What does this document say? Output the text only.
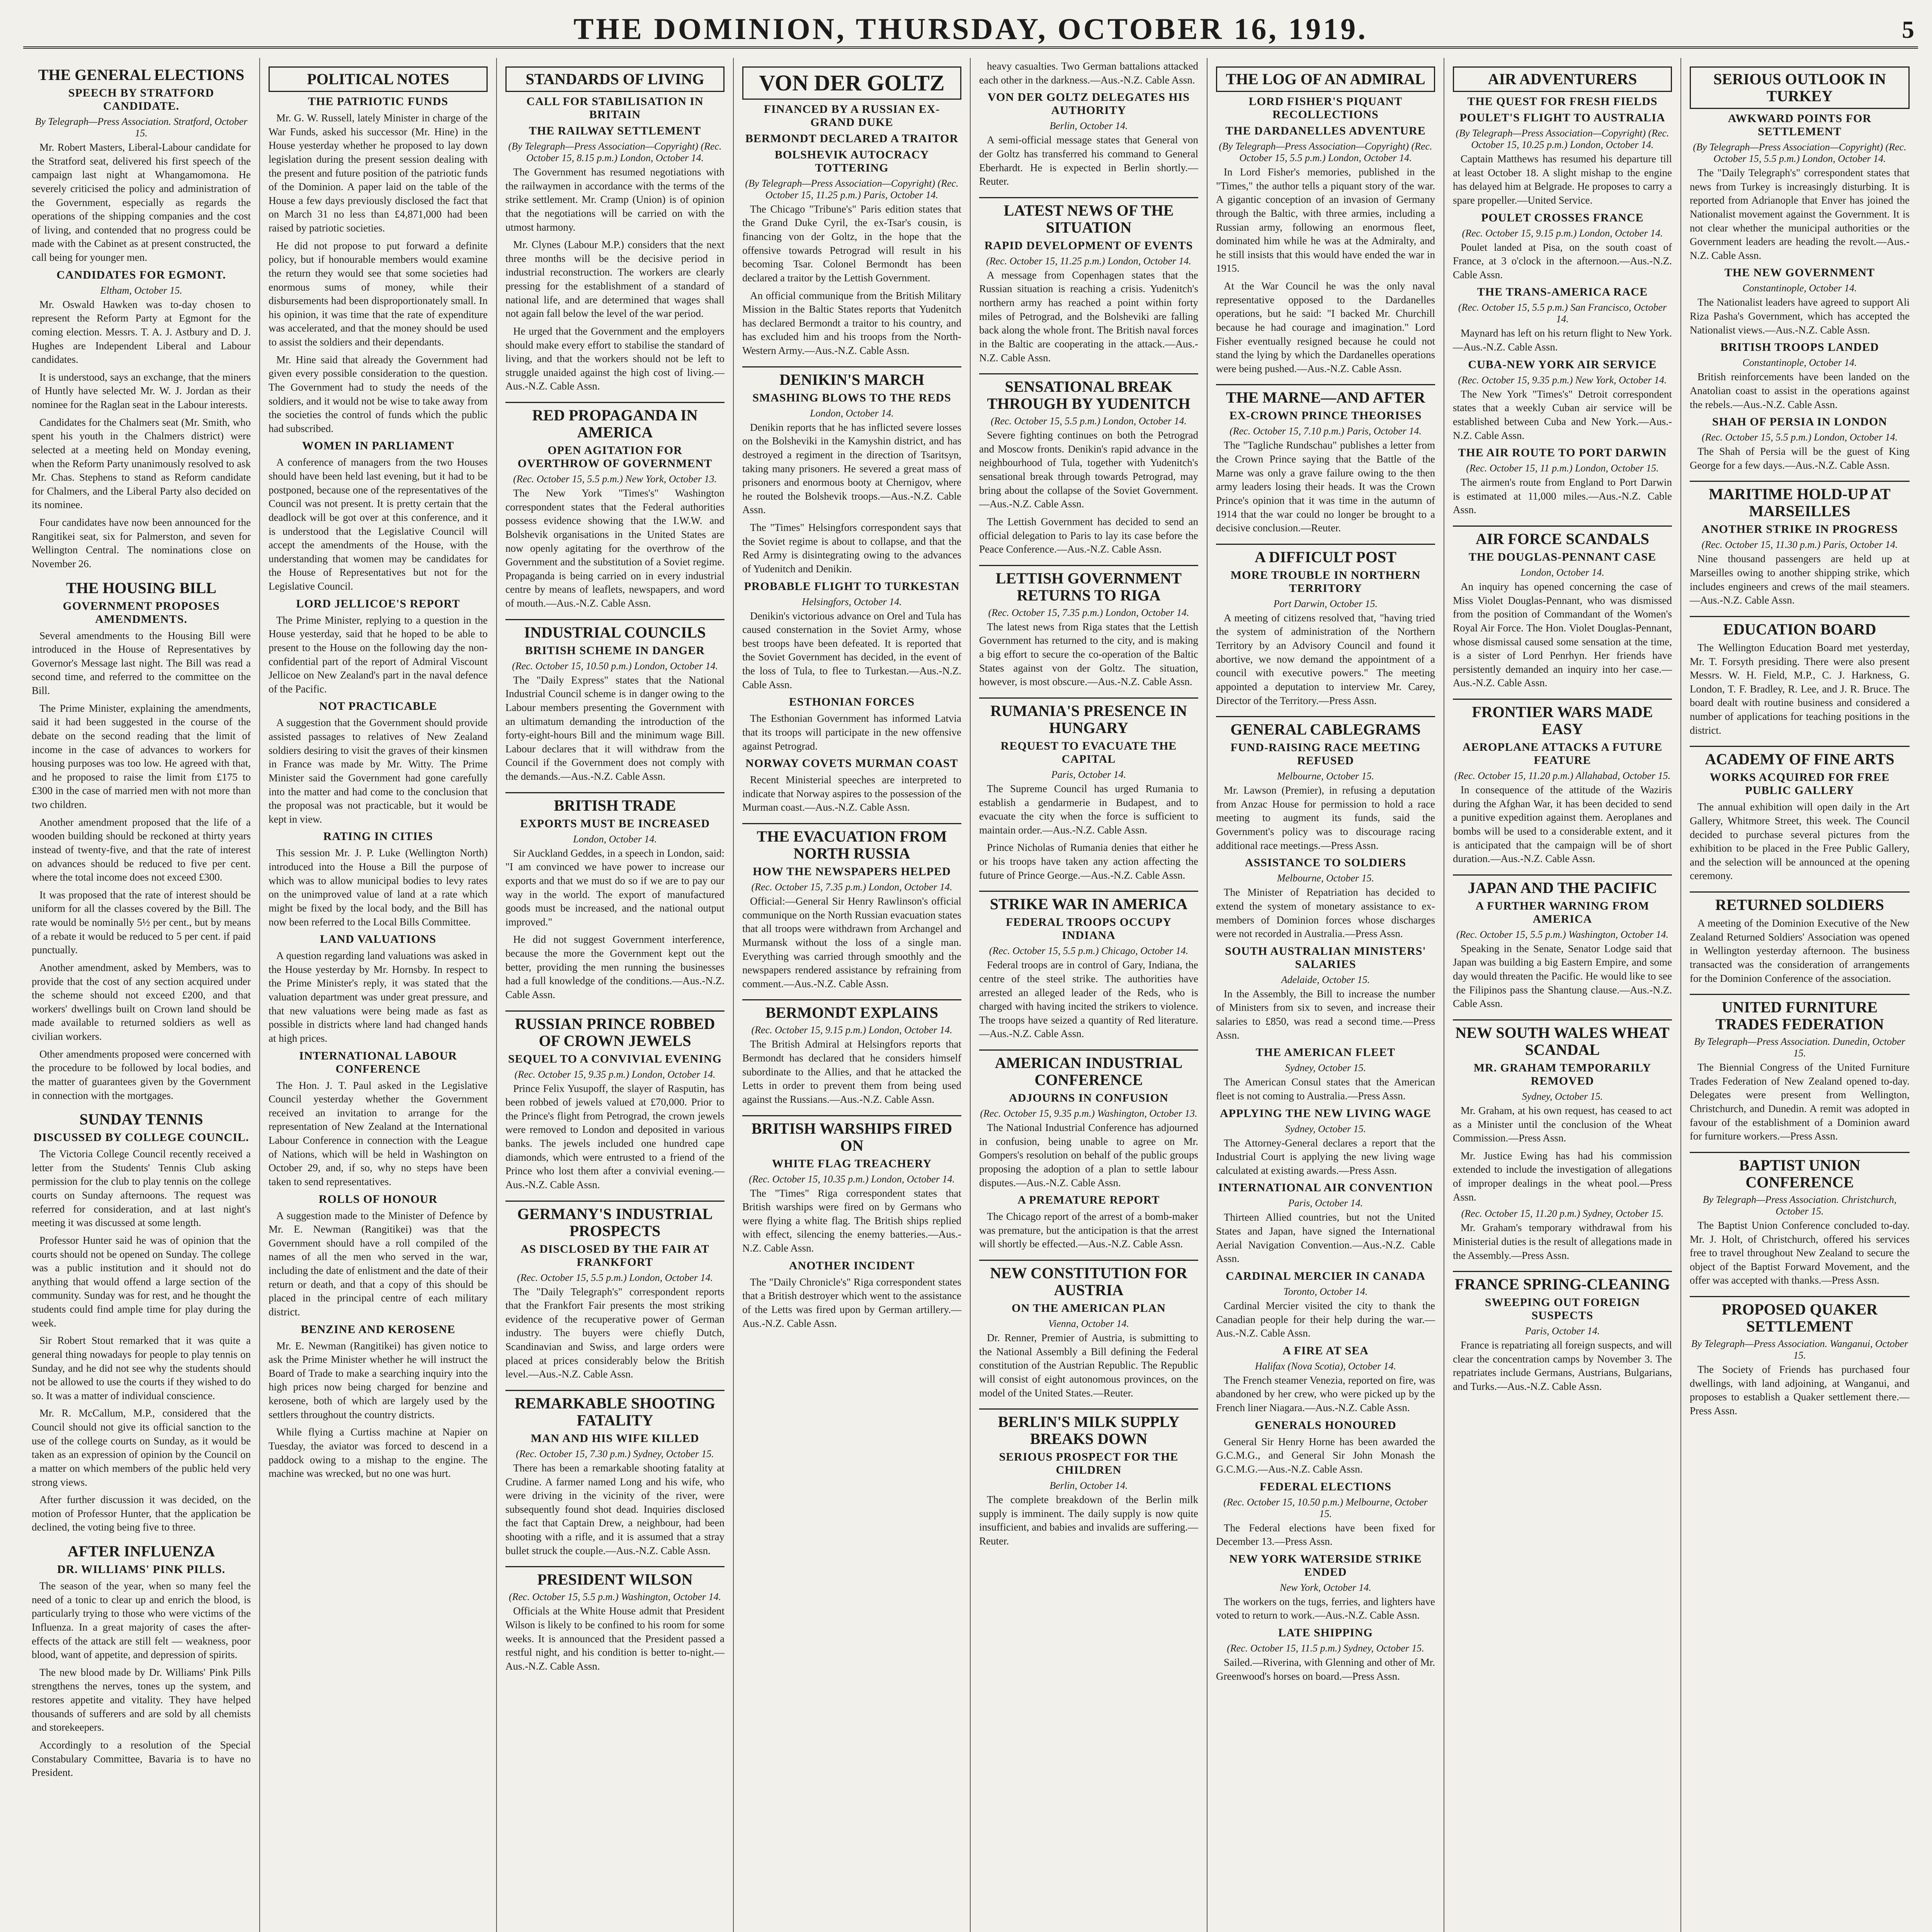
THE DOMINION, THURSDAY, OCTOBER 16, 1919.	5
THE GENERAL ELECTIONS
SPEECH BY STRATFORD CANDIDATE.
By Telegraph—Press Association. Stratford, October 15.

Mr. Robert Masters, Liberal-Labour candidate for the Stratford seat, delivered his first speech of the campaign last night at Whangamomona. He severely criticised the policy and administration of the Government, especially as regards the operations of the shipping companies and the cost of living, and contended that no progress could be made with the Cabinet as at present constructed, the call being for younger men.

CANDIDATES FOR EGMONT.
Eltham, October 15.

Mr. Oswald Hawken was to-day chosen to represent the Reform Party at Egmont for the coming election. Messrs. T. A. J. Astbury and D. J. Hughes are Independent Liberal and Labour candidates.

It is understood, says an exchange, that the miners of Huntly have selected Mr. W. J. Jordan as their nominee for the Raglan seat in the Labour interests.

Candidates for the Chalmers seat (Mr. Smith, who spent his youth in the Chalmers district) were selected at a meeting held on Monday evening, when the Reform Party unanimously resolved to ask Mr. Chas. Stephens to stand as Reform candidate for Chalmers, and the Liberal Party also decided on its nominee.

Four candidates have now been announced for the Rangitikei seat, six for Palmerston, and seven for Wellington Central. The nominations close on November 26.

THE HOUSING BILL
GOVERNMENT PROPOSES AMENDMENTS.

Several amendments to the Housing Bill were introduced in the House of Representatives by Governor's Message last night. The Bill was read a second time, and referred to the committee on the Bill.

The Prime Minister, explaining the amendments, said it had been suggested in the course of the debate on the second reading that the limit of income in the case of advances to workers for housing purposes was too low. He agreed with that, and he proposed to raise the limit from £175 to £300 in the case of married men with not more than two children.

Another amendment proposed that the life of a wooden building should be reckoned at thirty years instead of twenty-five, and that the rate of interest on advances should be reduced to five per cent. where the total income does not exceed £300.

It was proposed that the rate of interest should be uniform for all the classes covered by the Bill. The rate would be nominally 5½ per cent., but by means of a rebate it would be reduced to 5 per cent. if paid punctually.

Another amendment, asked by Members, was to provide that the cost of any section acquired under the scheme should not exceed £200, and that workers' dwellings built on Crown land should be made available to returned soldiers as well as civilian workers.

Other amendments proposed were concerned with the procedure to be followed by local bodies, and the matter of guarantees given by the Government in connection with the mortgages.

SUNDAY TENNIS
DISCUSSED BY COLLEGE COUNCIL.

The Victoria College Council recently received a letter from the Students' Tennis Club asking permission for the club to play tennis on the college courts on Sunday afternoons. The request was referred for consideration, and at last night's meeting it was discussed at some length.

Professor Hunter said he was of opinion that the courts should not be opened on Sunday. The college was a public institution and it should not do anything that would offend a large section of the community. Sunday was for rest, and he thought the students could find ample time for play during the week.

Sir Robert Stout remarked that it was quite a general thing nowadays for people to play tennis on Sunday, and he did not see why the students should not be allowed to use the courts if they wished to do so. It was a matter of individual conscience.

Mr. R. McCallum, M.P., considered that the Council should not give its official sanction to the use of the college courts on Sunday, as it would be taken as an expression of opinion by the Council on a matter on which members of the public held very strong views.

After further discussion it was decided, on the motion of Professor Hunter, that the application be declined, the voting being five to three.

AFTER INFLUENZA
DR. WILLIAMS' PINK PILLS.

The season of the year, when so many feel the need of a tonic to clear up and enrich the blood, is particularly trying to those who were victims of the Influenza. In a great majority of cases the after-effects of the attack are still felt — weakness, poor blood, want of appetite, and depression of spirits.

The new blood made by Dr. Williams' Pink Pills strengthens the nerves, tones up the system, and restores appetite and vitality. They have helped thousands of sufferers and are sold by all chemists and storekeepers.

Accordingly to a resolution of the Special Constabulary Committee, Bavaria is to have no President.

POLITICAL NOTES
THE PATRIOTIC FUNDS

Mr. G. W. Russell, lately Minister in charge of the War Funds, asked his successor (Mr. Hine) in the House yesterday whether he proposed to lay down legislation during the present session dealing with the present and future position of the patriotic funds of the Dominion. A paper laid on the table of the House a few days previously disclosed the fact that on March 31 no less than £4,871,000 had been raised by patriotic societies.

He did not propose to put forward a definite policy, but if honourable members would examine the return they would see that some societies had enormous sums of money, while their disbursements had been disproportionately small. In his opinion, it was time that the rate of expenditure was accelerated, and that the money should be used to assist the soldiers and their dependants.

Mr. Hine said that already the Government had given every possible consideration to the question. The Government had to study the needs of the soldiers, and it would not be wise to take away from the societies the control of funds which the public had subscribed.

WOMEN IN PARLIAMENT

A conference of managers from the two Houses should have been held last evening, but it had to be postponed, because one of the representatives of the Council was not present. It is pretty certain that the deadlock will be got over at this conference, and it is understood that the Legislative Council will accept the amendments of the House, with the understanding that women may be candidates for the House of Representatives but not for the Legislative Council.

LORD JELLICOE'S REPORT

The Prime Minister, replying to a question in the House yesterday, said that he hoped to be able to present to the House on the following day the non-confidential part of the report of Admiral Viscount Jellicoe on New Zealand's part in the naval defence of the Pacific.

NOT PRACTICABLE

A suggestion that the Government should provide assisted passages to relatives of New Zealand soldiers desiring to visit the graves of their kinsmen in France was made by Mr. Witty. The Prime Minister said the Government had gone carefully into the matter and had come to the conclusion that the proposal was not practicable, but it would be kept in view.

RATING IN CITIES

This session Mr. J. P. Luke (Wellington North) introduced into the House a Bill the purpose of which was to allow municipal bodies to levy rates on the unimproved value of land at a rate which might be fixed by the local body, and the Bill has now been referred to the Local Bills Committee.

LAND VALUATIONS

A question regarding land valuations was asked in the House yesterday by Mr. Hornsby. In respect to the Prime Minister's reply, it was stated that the valuation department was under great pressure, and that new valuations were being made as fast as possible in districts where land had changed hands at high prices.

INTERNATIONAL LABOUR CONFERENCE

The Hon. J. T. Paul asked in the Legislative Council yesterday whether the Government received an invitation to arrange for the representation of New Zealand at the International Labour Conference in connection with the League of Nations, which will be held in Washington on October 29, and, if so, why no steps have been taken to send representatives.

ROLLS OF HONOUR

A suggestion made to the Minister of Defence by Mr. E. Newman (Rangitikei) was that the Government should have a roll compiled of the names of all the men who served in the war, including the date of enlistment and the date of their return or death, and that a copy of this should be placed in the principal centre of each military district.

BENZINE AND KEROSENE

Mr. E. Newman (Rangitikei) has given notice to ask the Prime Minister whether he will instruct the Board of Trade to make a searching inquiry into the high prices now being charged for benzine and kerosene, both of which are largely used by the settlers throughout the country districts.

While flying a Curtiss machine at Napier on Tuesday, the aviator was forced to descend in a paddock owing to a mishap to the engine. The machine was wrecked, but no one was hurt.

STANDARDS OF LIVING
CALL FOR STABILISATION IN BRITAIN
THE RAILWAY SETTLEMENT
(By Telegraph—Press Association—Copyright) (Rec. October 15, 8.15 p.m.) London, October 14.

The Government has resumed negotiations with the railwaymen in accordance with the terms of the strike settlement. Mr. Cramp (Union) is of opinion that the negotiations will be carried on with the utmost harmony.

Mr. Clynes (Labour M.P.) considers that the next three months will be the decisive period in industrial reconstruction. The workers are clearly pressing for the establishment of a standard of national life, and are determined that wages shall not again fall below the level of the war period.

He urged that the Government and the employers should make every effort to stabilise the standard of living, and that the workers should not be left to struggle unaided against the high cost of living.—Aus.-N.Z. Cable Assn.

RED PROPAGANDA IN AMERICA
OPEN AGITATION FOR OVERTHROW OF GOVERNMENT
(Rec. October 15, 5.5 p.m.) New York, October 13.

The New York "Times's" Washington correspondent states that the Federal authorities possess evidence showing that the I.W.W. and Bolshevik organisations in the United States are now openly agitating for the overthrow of the Government and the substitution of a Soviet regime. Propaganda is being carried on in every industrial centre by means of leaflets, newspapers, and word of mouth.—Aus.-N.Z. Cable Assn.

INDUSTRIAL COUNCILS
BRITISH SCHEME IN DANGER
(Rec. October 15, 10.50 p.m.) London, October 14.

The "Daily Express" states that the National Industrial Council scheme is in danger owing to the Labour members presenting the Government with an ultimatum demanding the introduction of the forty-eight-hours Bill and the minimum wage Bill. Labour declares that it will withdraw from the Council if the Government does not comply with the demands.—Aus.-N.Z. Cable Assn.

BRITISH TRADE
EXPORTS MUST BE INCREASED
London, October 14.

Sir Auckland Geddes, in a speech in London, said: "I am convinced we have power to increase our exports and that we must do so if we are to pay our way in the world. The export of manufactured goods must be increased, and the national output improved."

He did not suggest Government interference, because the more the Government kept out the better, providing the men running the businesses had a full knowledge of the conditions.—Aus.-N.Z. Cable Assn.

RUSSIAN PRINCE ROBBED OF CROWN JEWELS
SEQUEL TO A CONVIVIAL EVENING
(Rec. October 15, 9.35 p.m.) London, October 14.

Prince Felix Yusupoff, the slayer of Rasputin, has been robbed of jewels valued at £70,000. Prior to the Prince's flight from Petrograd, the crown jewels were removed to London and deposited in various banks. The jewels included one hundred cape diamonds, which were entrusted to a friend of the Prince who lost them after a convivial evening.—Aus.-N.Z. Cable Assn.

GERMANY'S INDUSTRIAL PROSPECTS
AS DISCLOSED BY THE FAIR AT FRANKFORT
(Rec. October 15, 5.5 p.m.) London, October 14.

The "Daily Telegraph's" correspondent reports that the Frankfort Fair presents the most striking evidence of the recuperative power of German industry. The buyers were chiefly Dutch, Scandinavian and Swiss, and large orders were placed at prices considerably below the British level.—Aus.-N.Z. Cable Assn.

REMARKABLE SHOOTING FATALITY
MAN AND HIS WIFE KILLED
(Rec. October 15, 7.30 p.m.) Sydney, October 15.

There has been a remarkable shooting fatality at Crudine. A farmer named Long and his wife, who were driving in the vicinity of the river, were subsequently found shot dead. Inquiries disclosed the fact that Captain Drew, a neighbour, had been shooting with a rifle, and it is assumed that a stray bullet struck the couple.—Aus.-N.Z. Cable Assn.

PRESIDENT WILSON
(Rec. October 15, 5.5 p.m.) Washington, October 14.

Officials at the White House admit that President Wilson is likely to be confined to his room for some weeks. It is announced that the President passed a restful night, and his condition is better to-night.—Aus.-N.Z. Cable Assn.

VON DER GOLTZ
FINANCED BY A RUSSIAN EX-GRAND DUKE
BERMONDT DECLARED A TRAITOR
BOLSHEVIK AUTOCRACY TOTTERING
(By Telegraph—Press Association—Copyright) (Rec. October 15, 11.25 p.m.) Paris, October 14.

The Chicago "Tribune's" Paris edition states that the Grand Duke Cyril, the ex-Tsar's cousin, is financing von der Goltz, in the hope that the offensive towards Petrograd will result in his becoming Tsar. Colonel Bermondt has been declared a traitor by the Lettish Government.

An official communique from the British Military Mission in the Baltic States reports that Yudenitch has declared Bermondt a traitor to his country, and has excluded him and his troops from the North-Western Army.—Aus.-N.Z. Cable Assn.

DENIKIN'S MARCH
SMASHING BLOWS TO THE REDS
London, October 14.

Denikin reports that he has inflicted severe losses on the Bolsheviki in the Kamyshin district, and has destroyed a regiment in the direction of Tsaritsyn, taking many prisoners. He severed a great mass of prisoners and enormous booty at Chernigov, where he routed the Bolshevik troops.—Aus.-N.Z. Cable Assn.

The "Times" Helsingfors correspondent says that the Soviet regime is about to collapse, and that the Red Army is disintegrating owing to the advances of Yudenitch and Denikin.

PROBABLE FLIGHT TO TURKESTAN
Helsingfors, October 14.

Denikin's victorious advance on Orel and Tula has caused consternation in the Soviet Army, whose best troops have been defeated. It is reported that the Soviet Government has decided, in the event of the loss of Tula, to flee to Turkestan.—Aus.-N.Z. Cable Assn.

ESTHONIAN FORCES

The Esthonian Government has informed Latvia that its troops will participate in the new offensive against Petrograd.

NORWAY COVETS MURMAN COAST

Recent Ministerial speeches are interpreted to indicate that Norway aspires to the possession of the Murman coast.—Aus.-N.Z. Cable Assn.

THE EVACUATION FROM NORTH RUSSIA
HOW THE NEWSPAPERS HELPED
(Rec. October 15, 7.35 p.m.) London, October 14.

Official:—General Sir Henry Rawlinson's official communique on the North Russian evacuation states that all troops were withdrawn from Archangel and Murmansk without the loss of a single man. Everything was carried through smoothly and the newspapers rendered assistance by refraining from comment.—Aus.-N.Z. Cable Assn.

BERMONDT EXPLAINS
(Rec. October 15, 9.15 p.m.) London, October 14.

The British Admiral at Helsingfors reports that Bermondt has declared that he considers himself subordinate to the Allies, and that he attacked the Letts in order to prevent them from being used against the Russians.—Aus.-N.Z. Cable Assn.

BRITISH WARSHIPS FIRED ON
WHITE FLAG TREACHERY
(Rec. October 15, 10.35 p.m.) London, October 14.

The "Times" Riga correspondent states that British warships were fired on by Germans who were flying a white flag. The British ships replied with effect, silencing the enemy batteries.—Aus.-N.Z. Cable Assn.

ANOTHER INCIDENT

The "Daily Chronicle's" Riga correspondent states that a British destroyer which went to the assistance of the Letts was fired upon by German artillery.—Aus.-N.Z. Cable Assn.

heavy casualties. Two German battalions attacked each other in the darkness.—Aus.-N.Z. Cable Assn.

VON DER GOLTZ DELEGATES HIS AUTHORITY
Berlin, October 14.

A semi-official message states that General von der Goltz has transferred his command to General Eberhardt. He is expected in Berlin shortly.—Reuter.

LATEST NEWS OF THE SITUATION
RAPID DEVELOPMENT OF EVENTS
(Rec. October 15, 11.25 p.m.) London, October 14.

A message from Copenhagen states that the Russian situation is reaching a crisis. Yudenitch's northern army has reached a point within forty miles of Petrograd, and the Bolsheviki are falling back along the whole front. The British naval forces in the Baltic are cooperating in the attack.—Aus.-N.Z. Cable Assn.

SENSATIONAL BREAK THROUGH BY YUDENITCH
(Rec. October 15, 5.5 p.m.) London, October 14.

Severe fighting continues on both the Petrograd and Moscow fronts. Denikin's rapid advance in the neighbourhood of Tula, together with Yudenitch's sensational break through towards Petrograd, may bring about the collapse of the Soviet Government.—Aus.-N.Z. Cable Assn.

The Lettish Government has decided to send an official delegation to Paris to lay its case before the Peace Conference.—Aus.-N.Z. Cable Assn.

LETTISH GOVERNMENT RETURNS TO RIGA
(Rec. October 15, 7.35 p.m.) London, October 14.

The latest news from Riga states that the Lettish Government has returned to the city, and is making a big effort to secure the co-operation of the Baltic States against von der Goltz. The situation, however, is most obscure.—Aus.-N.Z. Cable Assn.

RUMANIA'S PRESENCE IN HUNGARY
REQUEST TO EVACUATE THE CAPITAL
Paris, October 14.

The Supreme Council has urged Rumania to establish a gendarmerie in Budapest, and to evacuate the city when the force is sufficient to maintain order.—Aus.-N.Z. Cable Assn.

Prince Nicholas of Rumania denies that either he or his troops have taken any action affecting the future of Prince George.—Aus.-N.Z. Cable Assn.

STRIKE WAR IN AMERICA
FEDERAL TROOPS OCCUPY INDIANA
(Rec. October 15, 5.5 p.m.) Chicago, October 14.

Federal troops are in control of Gary, Indiana, the centre of the steel strike. The authorities have arrested an alleged leader of the Reds, who is charged with having incited the strikers to violence. The troops have seized a quantity of Red literature.—Aus.-N.Z. Cable Assn.

AMERICAN INDUSTRIAL CONFERENCE
ADJOURNS IN CONFUSION
(Rec. October 15, 9.35 p.m.) Washington, October 13.

The National Industrial Conference has adjourned in confusion, being unable to agree on Mr. Gompers's resolution on behalf of the public groups proposing the adoption of a plan to settle labour disputes.—Aus.-N.Z. Cable Assn.

A PREMATURE REPORT

The Chicago report of the arrest of a bomb-maker was premature, but the anticipation is that the arrest will shortly be effected.—Aus.-N.Z. Cable Assn.

NEW CONSTITUTION FOR AUSTRIA
ON THE AMERICAN PLAN
Vienna, October 14.

Dr. Renner, Premier of Austria, is submitting to the National Assembly a Bill defining the Federal constitution of the Austrian Republic. The Republic will consist of eight autonomous provinces, on the model of the United States.—Reuter.

BERLIN'S MILK SUPPLY BREAKS DOWN
SERIOUS PROSPECT FOR THE CHILDREN
Berlin, October 14.

The complete breakdown of the Berlin milk supply is imminent. The daily supply is now quite insufficient, and babies and invalids are suffering.—Reuter.

THE LOG OF AN ADMIRAL
LORD FISHER'S PIQUANT RECOLLECTIONS
THE DARDANELLES ADVENTURE
(By Telegraph—Press Association—Copyright) (Rec. October 15, 5.5 p.m.) London, October 14.

In Lord Fisher's memories, published in the "Times," the author tells a piquant story of the war. A gigantic conception of an invasion of Germany through the Baltic, with three armies, including a Russian army, following an enormous fleet, dominated him while he was at the Admiralty, and he still insists that this would have ended the war in 1915.

At the War Council he was the only naval representative opposed to the Dardanelles operations, but he said: "I backed Mr. Churchill because he had courage and imagination." Lord Fisher eventually resigned because he could not stand the lying by which the Dardanelles operations were being pushed.—Aus.-N.Z. Cable Assn.

THE MARNE—AND AFTER
EX-CROWN PRINCE THEORISES
(Rec. October 15, 7.10 p.m.) Paris, October 14.

The "Tagliche Rundschau" publishes a letter from the Crown Prince saying that the Battle of the Marne was only a grave failure owing to the then army leaders losing their heads. It was the Crown Prince's opinion that it was time in the autumn of 1914 that the war could no longer be brought to a decisive conclusion.—Reuter.

A DIFFICULT POST
MORE TROUBLE IN NORTHERN TERRITORY
Port Darwin, October 15.

A meeting of citizens resolved that, "having tried the system of administration of the Northern Territory by an Advisory Council and found it abortive, we now demand the appointment of a council with executive powers." The meeting appointed a deputation to interview Mr. Carey, Director of the Territory.—Press Assn.

GENERAL CABLEGRAMS
FUND-RAISING RACE MEETING REFUSED
Melbourne, October 15.

Mr. Lawson (Premier), in refusing a deputation from Anzac House for permission to hold a race meeting to augment its funds, said the Government's policy was to discourage racing additional race meetings.—Press Assn.

ASSISTANCE TO SOLDIERS
Melbourne, October 15.

The Minister of Repatriation has decided to extend the system of monetary assistance to ex-members of Dominion forces whose discharges were not recorded in Australia.—Press Assn.

SOUTH AUSTRALIAN MINISTERS' SALARIES
Adelaide, October 15.

In the Assembly, the Bill to increase the number of Ministers from six to seven, and increase their salaries to £850, was read a second time.—Press Assn.

THE AMERICAN FLEET
Sydney, October 15.

The American Consul states that the American fleet is not coming to Australia.—Press Assn.

APPLYING THE NEW LIVING WAGE
Sydney, October 15.

The Attorney-General declares a report that the Industrial Court is applying the new living wage calculated at existing awards.—Press Assn.

INTERNATIONAL AIR CONVENTION
Paris, October 14.

Thirteen Allied countries, but not the United States and Japan, have signed the International Aerial Navigation Convention.—Aus.-N.Z. Cable Assn.

CARDINAL MERCIER IN CANADA
Toronto, October 14.

Cardinal Mercier visited the city to thank the Canadian people for their help during the war.—Aus.-N.Z. Cable Assn.

A FIRE AT SEA
Halifax (Nova Scotia), October 14.

The French steamer Venezia, reported on fire, was abandoned by her crew, who were picked up by the French liner Niagara.—Aus.-N.Z. Cable Assn.

GENERALS HONOURED

General Sir Henry Horne has been awarded the G.C.M.G., and General Sir John Monash the G.C.M.G.—Aus.-N.Z. Cable Assn.

FEDERAL ELECTIONS
(Rec. October 15, 10.50 p.m.) Melbourne, October 15.

The Federal elections have been fixed for December 13.—Press Assn.

NEW YORK WATERSIDE STRIKE ENDED
New York, October 14.

The workers on the tugs, ferries, and lighters have voted to return to work.—Aus.-N.Z. Cable Assn.

LATE SHIPPING
(Rec. October 15, 11.5 p.m.) Sydney, October 15.

Sailed.—Riverina, with Glenning and other of Mr. Greenwood's horses on board.—Press Assn.

AIR ADVENTURERS
THE QUEST FOR FRESH FIELDS
POULET'S FLIGHT TO AUSTRALIA
(By Telegraph—Press Association—Copyright) (Rec. October 15, 10.25 p.m.) London, October 14.

Captain Matthews has resumed his departure till at least October 18. A slight mishap to the engine has delayed him at Belgrade. He proposes to carry a spare propeller.—United Service.

POULET CROSSES FRANCE
(Rec. October 15, 9.15 p.m.) London, October 14.

Poulet landed at Pisa, on the south coast of France, at 3 o'clock in the afternoon.—Aus.-N.Z. Cable Assn.

THE TRANS-AMERICA RACE
(Rec. October 15, 5.5 p.m.) San Francisco, October 14.

Maynard has left on his return flight to New York.—Aus.-N.Z. Cable Assn.

CUBA-NEW YORK AIR SERVICE
(Rec. October 15, 9.35 p.m.) New York, October 14.

The New York "Times's" Detroit correspondent states that a weekly Cuban air service will be established between Cuba and New York.—Aus.-N.Z. Cable Assn.

THE AIR ROUTE TO PORT DARWIN
(Rec. October 15, 11 p.m.) London, October 15.

The airmen's route from England to Port Darwin is estimated at 11,000 miles.—Aus.-N.Z. Cable Assn.

AIR FORCE SCANDALS
THE DOUGLAS-PENNANT CASE
London, October 14.

An inquiry has opened concerning the case of Miss Violet Douglas-Pennant, who was dismissed from the position of Commandant of the Women's Royal Air Force. The Hon. Violet Douglas-Pennant, whose dismissal caused some sensation at the time, is a sister of Lord Penrhyn. Her friends have persistently demanded an inquiry into her case.—Aus.-N.Z. Cable Assn.

FRONTIER WARS MADE EASY
AEROPLANE ATTACKS A FUTURE FEATURE
(Rec. October 15, 11.20 p.m.) Allahabad, October 15.

In consequence of the attitude of the Waziris during the Afghan War, it has been decided to send a punitive expedition against them. Aeroplanes and bombs will be used to a considerable extent, and it is anticipated that the campaign will be of short duration.—Aus.-N.Z. Cable Assn.

JAPAN AND THE PACIFIC
A FURTHER WARNING FROM AMERICA
(Rec. October 15, 5.5 p.m.) Washington, October 14.

Speaking in the Senate, Senator Lodge said that Japan was building a big Eastern Empire, and some day would threaten the Pacific. He would like to see the Filipinos pass the Shantung clause.—Aus.-N.Z. Cable Assn.

NEW SOUTH WALES WHEAT SCANDAL
MR. GRAHAM TEMPORARILY REMOVED
Sydney, October 15.

Mr. Graham, at his own request, has ceased to act as a Minister until the conclusion of the Wheat Commission.—Press Assn.

Mr. Justice Ewing has had his commission extended to include the investigation of allegations of improper dealings in the wheat pool.—Press Assn.

(Rec. October 15, 11.20 p.m.) Sydney, October 15.

Mr. Graham's temporary withdrawal from his Ministerial duties is the result of allegations made in the Assembly.—Press Assn.

FRANCE SPRING-CLEANING
SWEEPING OUT FOREIGN SUSPECTS
Paris, October 14.

France is repatriating all foreign suspects, and will clear the concentration camps by November 3. The repatriates include Germans, Austrians, Bulgarians, and Turks.—Aus.-N.Z. Cable Assn.

SERIOUS OUTLOOK IN TURKEY
AWKWARD POINTS FOR SETTLEMENT
(By Telegraph—Press Association—Copyright) (Rec. October 15, 5.5 p.m.) London, October 14.

The "Daily Telegraph's" correspondent states that news from Turkey is increasingly disturbing. It is reported from Adrianople that Enver has joined the Nationalist movement against the Government. It is not clear whether the municipal authorities or the Government leaders are heading the revolt.—Aus.-N.Z. Cable Assn.

THE NEW GOVERNMENT
Constantinople, October 14.

The Nationalist leaders have agreed to support Ali Riza Pasha's Government, which has accepted the Nationalist views.—Aus.-N.Z. Cable Assn.

BRITISH TROOPS LANDED
Constantinople, October 14.

British reinforcements have been landed on the Anatolian coast to assist in the operations against the rebels.—Aus.-N.Z. Cable Assn.

SHAH OF PERSIA IN LONDON
(Rec. October 15, 5.5 p.m.) London, October 14.

The Shah of Persia will be the guest of King George for a few days.—Aus.-N.Z. Cable Assn.

MARITIME HOLD-UP AT MARSEILLES
ANOTHER STRIKE IN PROGRESS
(Rec. October 15, 11.30 p.m.) Paris, October 14.

Nine thousand passengers are held up at Marseilles owing to another shipping strike, which includes engineers and crews of the mail steamers.—Aus.-N.Z. Cable Assn.

EDUCATION BOARD

The Wellington Education Board met yesterday, Mr. T. Forsyth presiding. There were also present Messrs. W. H. Field, M.P., C. J. Harkness, G. London, T. F. Bradley, R. Lee, and J. R. Bruce. The board dealt with routine business and considered a number of applications for teaching positions in the district.

ACADEMY OF FINE ARTS
WORKS ACQUIRED FOR FREE PUBLIC GALLERY

The annual exhibition will open daily in the Art Gallery, Whitmore Street, this week. The Council decided to purchase several pictures from the exhibition to be placed in the Free Public Gallery, and the selection will be announced at the opening ceremony.

RETURNED SOLDIERS

A meeting of the Dominion Executive of the New Zealand Returned Soldiers' Association was opened in Wellington yesterday afternoon. The business transacted was the consideration of arrangements for the Dominion Conference of the association.

UNITED FURNITURE TRADES FEDERATION
By Telegraph—Press Association. Dunedin, October 15.

The Biennial Congress of the United Furniture Trades Federation of New Zealand opened to-day. Delegates were present from Wellington, Christchurch, and Dunedin. A remit was adopted in favour of the establishment of a Dominion award for furniture workers.—Press Assn.

BAPTIST UNION CONFERENCE
By Telegraph—Press Association. Christchurch, October 15.

The Baptist Union Conference concluded to-day. Mr. J. Holt, of Christchurch, offered his services free to travel throughout New Zealand to secure the object of the Baptist Forward Movement, and the offer was accepted with thanks.—Press Assn.

PROPOSED QUAKER SETTLEMENT
By Telegraph—Press Association. Wanganui, October 15.

The Society of Friends has purchased four dwellings, with land adjoining, at Wanganui, and proposes to establish a Quaker settlement there.—Press Assn.
